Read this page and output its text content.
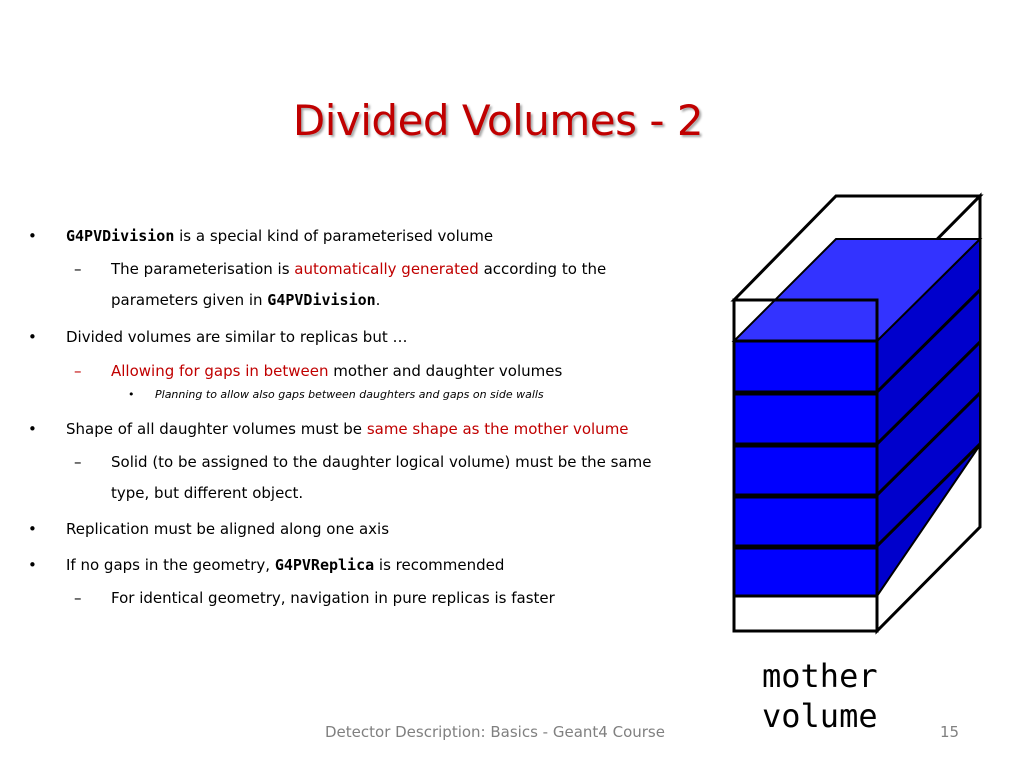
Divided Volumes - 2

• G4PVDivision is a special kind of parameterised volume

– The parameterisation is automatically generated according to the
parameters given in G4PVDivision.

• Divided volumes are similar to replicas but …

– Allowing for gaps in between mother and daughter volumes

• Planning to allow also gaps between daughters and gaps on side walls

• Shape of all daughter volumes must be same shape as the mother volume

– Solid (to be assigned to the daughter logical volume) must be the same
type, but different object.

• Replication must be aligned along one axis

• If no gaps in the geometry, G4PVReplica is recommended

– For identical geometry, navigation in pure replicas is faster

mother
volume
Detector Description: Basics - Geant4 Course	15
